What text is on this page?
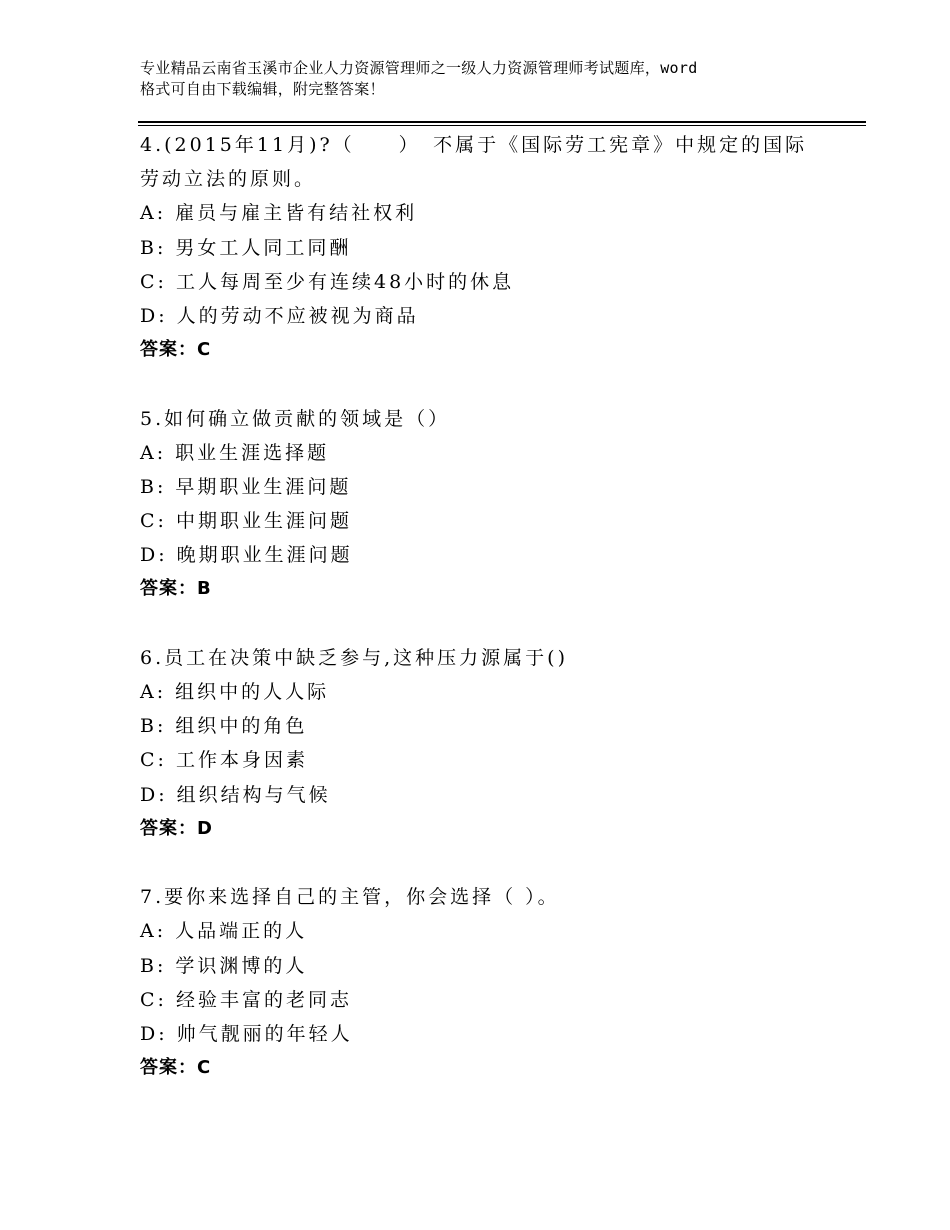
专业精品云南省玉溪市企业人力资源管理师之一级人力资源管理师考试题库，word
格式可自由下载编辑，附完整答案！
4.(2015年11月)?（　　）　不属于《国际劳工宪章》中规定的国际
劳动立法的原则。
A: 雇员与雇主皆有结社权利
B: 男女工人同工同酬
C: 工人每周至少有连续48小时的休息
D: 人的劳动不应被视为商品
答案：C
5.如何确立做贡献的领域是（）
A: 职业生涯选择题
B: 早期职业生涯问题
C: 中期职业生涯问题
D: 晚期职业生涯问题
答案：B
6.员工在决策中缺乏参与,这种压力源属于()
A: 组织中的人人际
B: 组织中的角色
C: 工作本身因素
D: 组织结构与气候
答案：D
7.要你来选择自己的主管，你会选择（ ）。
A: 人品端正的人
B: 学识渊博的人
C: 经验丰富的老同志
D: 帅气靓丽的年轻人
答案：C
